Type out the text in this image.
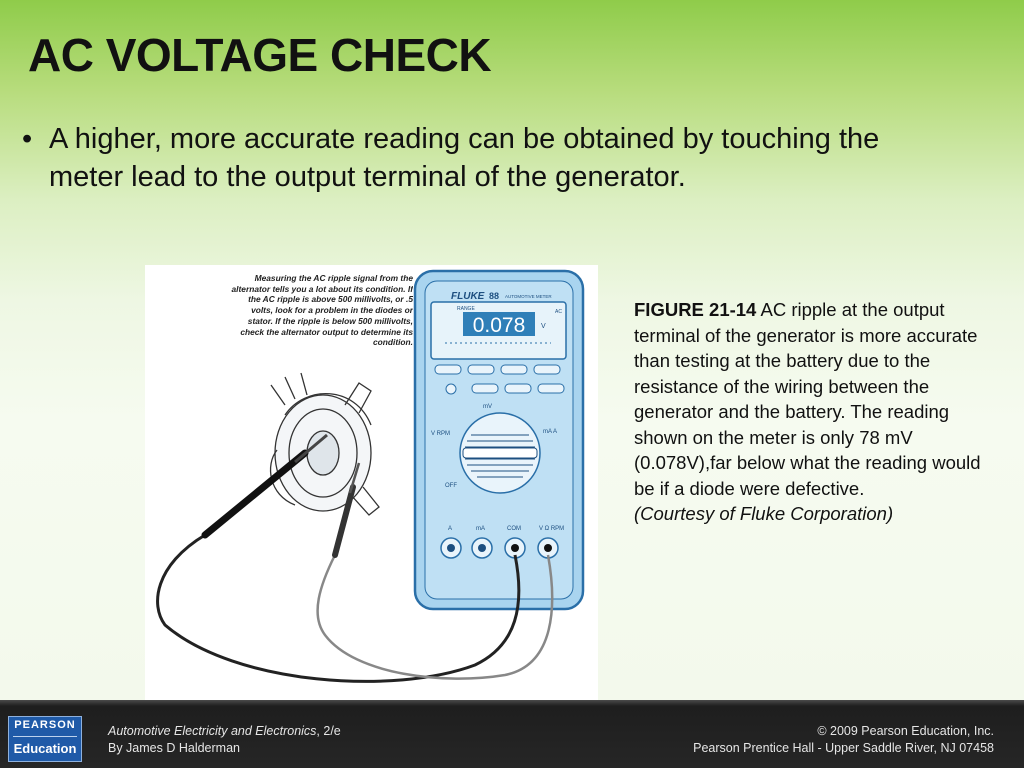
AC VOLTAGE CHECK
• A higher, more accurate reading can be obtained by touching the meter lead to the output terminal of the generator.
Measuring the AC ripple signal from the alternator tells you a lot about its condition. If the AC ripple is above 500 millivolts, or .5 volts, look for a problem in the diodes or stator. If the ripple is below 500 millivolts, check the alternator output to determine its condition.
FLUKE 88 AUTOMOTIVE METER
RANGE	AC
0.078 V
mV
V RPM
OFF
mA A
A	mA	COM	V Ω RPM
FIGURE 21-14 AC ripple at the output terminal of the generator is more accurate than testing at the battery due to the resistance of the wiring between the generator and the battery. The reading shown on the meter is only 78 mV (0.078V),far below what the reading would be if a diode were defective.
(Courtesy of Fluke Corporation)
PEARSON
Education
Automotive Electricity and Electronics, 2/e
By James D Halderman
© 2009 Pearson Education, Inc.
Pearson Prentice Hall - Upper Saddle River, NJ 07458
